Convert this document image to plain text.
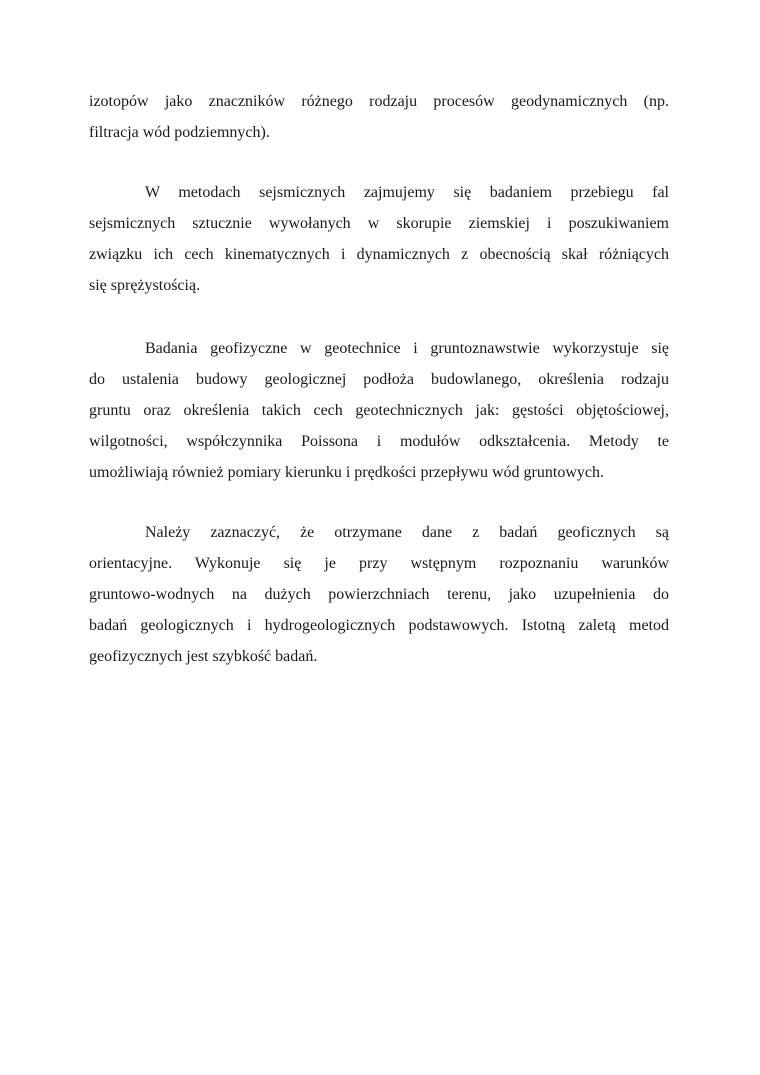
izotopów jako znaczników różnego rodzaju procesów geodynamicznych (np.
filtracja wód podziemnych).
W metodach sejsmicznych zajmujemy się badaniem przebiegu fal
sejsmicznych sztucznie wywołanych w skorupie ziemskiej i poszukiwaniem
związku ich cech kinematycznych i dynamicznych z obecnością skał różniących
się sprężystością.
Badania geofizyczne w geotechnice i gruntoznawstwie wykorzystuje się
do ustalenia budowy geologicznej podłoża budowlanego, określenia rodzaju
gruntu oraz określenia takich cech geotechnicznych jak: gęstości objętościowej,
wilgotności, współczynnika Poissona i modułów odkształcenia. Metody te
umożliwiają również pomiary kierunku i prędkości przepływu wód gruntowych.
Należy zaznaczyć, że otrzymane dane z badań geoficznych są
orientacyjne. Wykonuje się je przy wstępnym rozpoznaniu warunków
gruntowo-wodnych na dużych powierzchniach terenu, jako uzupełnienia do
badań geologicznych i hydrogeologicznych podstawowych. Istotną zaletą metod
geofizycznych jest szybkość badań.
